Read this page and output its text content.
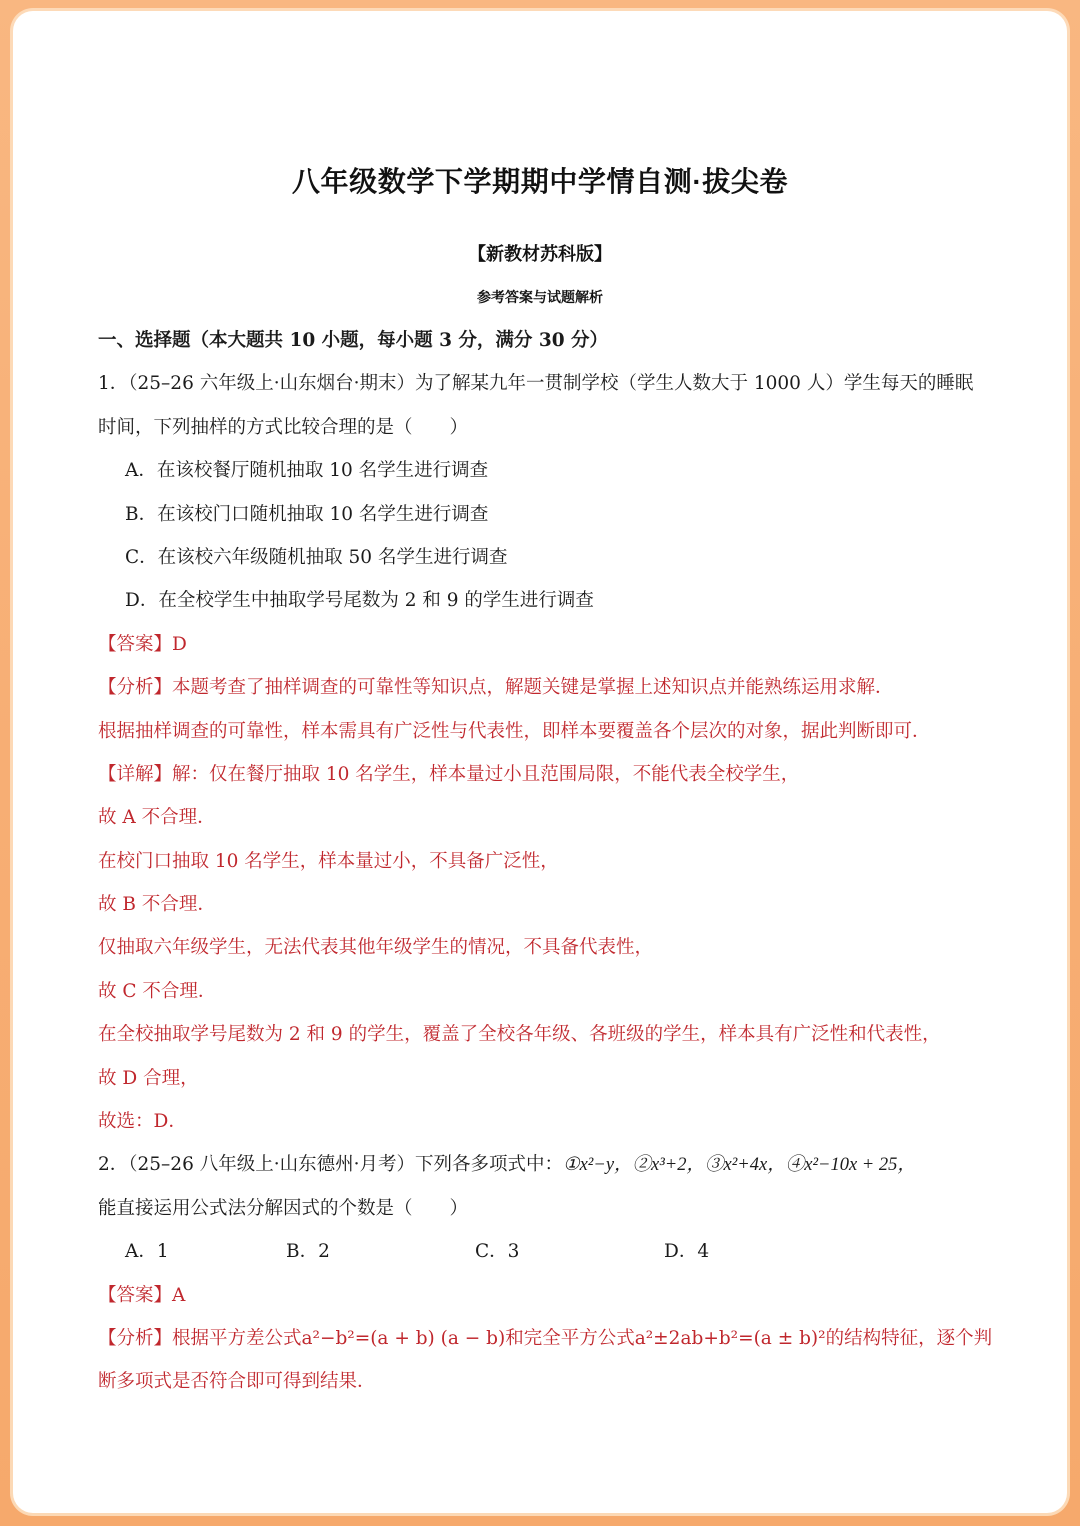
八年级数学下学期期中学情自测·拔尖卷
【新教材苏科版】
参考答案与试题解析
一、选择题（本大题共 10 小题，每小题 3 分，满分 30 分）
1．（25–26 六年级上·山东烟台·期末）为了解某九年一贯制学校（学生人数大于 1000 人）学生每天的睡眠
时间，下列抽样的方式比较合理的是（　　）
A．在该校餐厅随机抽取 10 名学生进行调查
B．在该校门口随机抽取 10 名学生进行调查
C．在该校六年级随机抽取 50 名学生进行调查
D．在全校学生中抽取学号尾数为 2 和 9 的学生进行调查
【答案】D
【分析】本题考查了抽样调查的可靠性等知识点，解题关键是掌握上述知识点并能熟练运用求解．
根据抽样调查的可靠性，样本需具有广泛性与代表性，即样本要覆盖各个层次的对象，据此判断即可．
【详解】解：仅在餐厅抽取 10 名学生，样本量过小且范围局限，不能代表全校学生，
故 A 不合理．
在校门口抽取 10 名学生，样本量过小，不具备广泛性，
故 B 不合理．
仅抽取六年级学生，无法代表其他年级学生的情况，不具备代表性，
故 C 不合理．
在全校抽取学号尾数为 2 和 9 的学生，覆盖了全校各年级、各班级的学生，样本具有广泛性和代表性，
故 D 合理，
故选：D．
2．（25–26 八年级上·山东德州·月考）下列各多项式中：①x²−y，②x³+2，③x²+4x，④x²−10x + 25，
能直接运用公式法分解因式的个数是（　　）
A．1	B．2	C．3	D．4
【答案】A
【分析】根据平方差公式a²−b²=(a + b) (a − b)和完全平方公式a²±2ab+b²=(a ± b)²的结构特征，逐个判
断多项式是否符合即可得到结果．
